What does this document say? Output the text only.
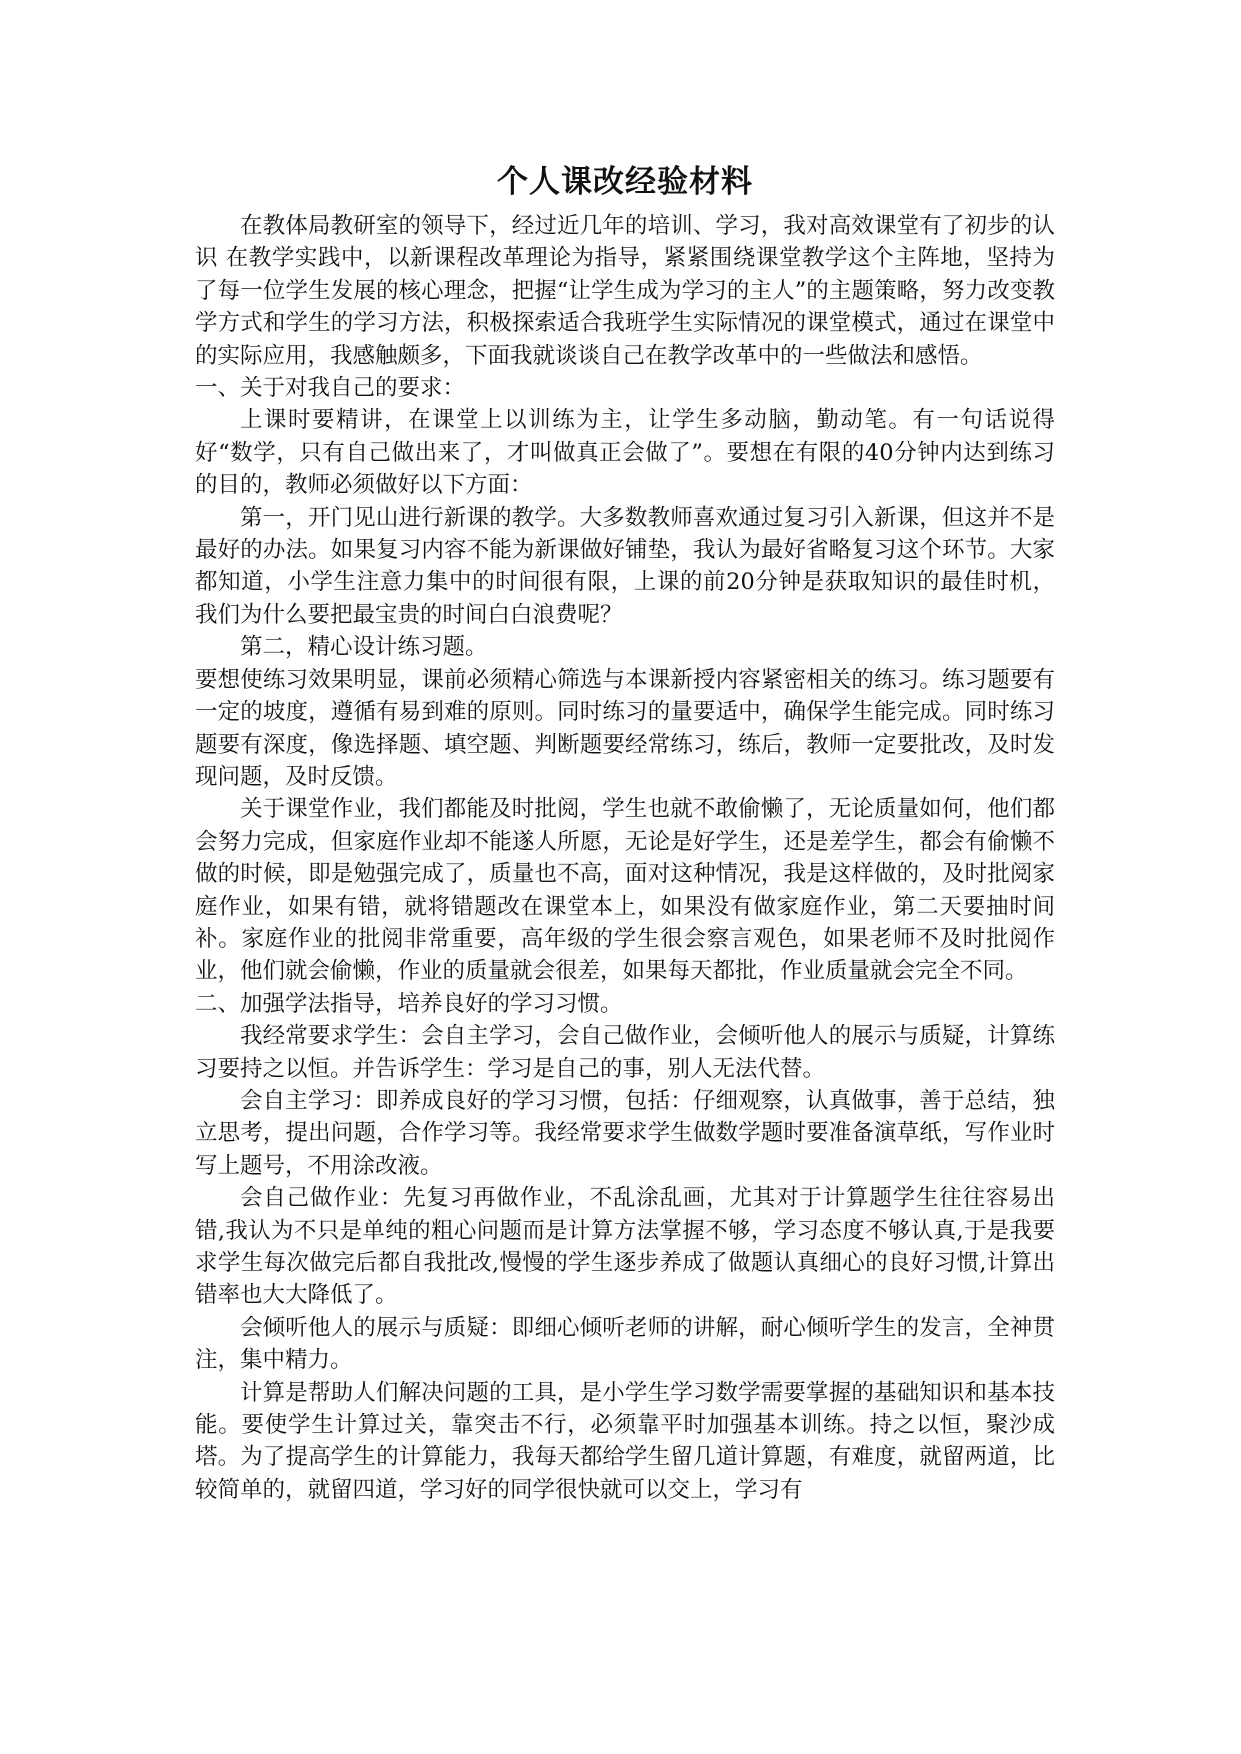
个人课改经验材料

在教体局教研室的领导下，经过近几年的培训、学习，我对高效课堂有了初步的认识 在教学实践中，以新课程改革理论为指导，紧紧围绕课堂教学这个主阵地，坚持为了每一位学生发展的核心理念，把握“让学生成为学习的主人”的主题策略，努力改变教学方式和学生的学习方法，积极探索适合我班学生实际情况的课堂模式，通过在课堂中的实际应用，我感触颇多，下面我就谈谈自己在教学改革中的一些做法和感悟。

一、关于对我自己的要求：

上课时要精讲，在课堂上以训练为主，让学生多动脑，勤动笔。有一句话说得好“数学，只有自己做出来了，才叫做真正会做了”。要想在有限的40分钟内达到练习的目的，教师必须做好以下方面：

第一，开门见山进行新课的教学。大多数教师喜欢通过复习引入新课，但这并不是最好的办法。如果复习内容不能为新课做好铺垫，我认为最好省略复习这个环节。大家都知道，小学生注意力集中的时间很有限，上课的前20分钟是获取知识的最佳时机，我们为什么要把最宝贵的时间白白浪费呢？

第二，精心设计练习题。

要想使练习效果明显，课前必须精心筛选与本课新授内容紧密相关的练习。练习题要有一定的坡度，遵循有易到难的原则。同时练习的量要适中，确保学生能完成。同时练习题要有深度，像选择题、填空题、判断题要经常练习，练后，教师一定要批改，及时发现问题，及时反馈。

关于课堂作业，我们都能及时批阅，学生也就不敢偷懒了，无论质量如何，他们都会努力完成，但家庭作业却不能遂人所愿，无论是好学生，还是差学生，都会有偷懒不做的时候，即是勉强完成了，质量也不高，面对这种情况，我是这样做的，及时批阅家庭作业，如果有错，就将错题改在课堂本上，如果没有做家庭作业，第二天要抽时间补。家庭作业的批阅非常重要，高年级的学生很会察言观色，如果老师不及时批阅作业，他们就会偷懒，作业的质量就会很差，如果每天都批，作业质量就会完全不同。

二、加强学法指导，培养良好的学习习惯。

我经常要求学生：会自主学习，会自己做作业，会倾听他人的展示与质疑，计算练习要持之以恒。并告诉学生：学习是自己的事，别人无法代替。

会自主学习：即养成良好的学习习惯，包括：仔细观察，认真做事，善于总结，独立思考，提出问题，合作学习等。我经常要求学生做数学题时要准备演草纸，写作业时写上题号，不用涂改液。

会自己做作业：先复习再做作业，不乱涂乱画，尤其对于计算题学生往往容易出错,我认为不只是单纯的粗心问题而是计算方法掌握不够，学习态度不够认真,于是我要求学生每次做完后都自我批改,慢慢的学生逐步养成了做题认真细心的良好习惯,计算出错率也大大降低了。

会倾听他人的展示与质疑：即细心倾听老师的讲解，耐心倾听学生的发言，全神贯注，集中精力。

计算是帮助人们解决问题的工具，是小学生学习数学需要掌握的基础知识和基本技能。要使学生计算过关，靠突击不行，必须靠平时加强基本训练。持之以恒，聚沙成塔。为了提高学生的计算能力，我每天都给学生留几道计算题，有难度，就留两道，比较简单的，就留四道，学习好的同学很快就可以交上，学习有
